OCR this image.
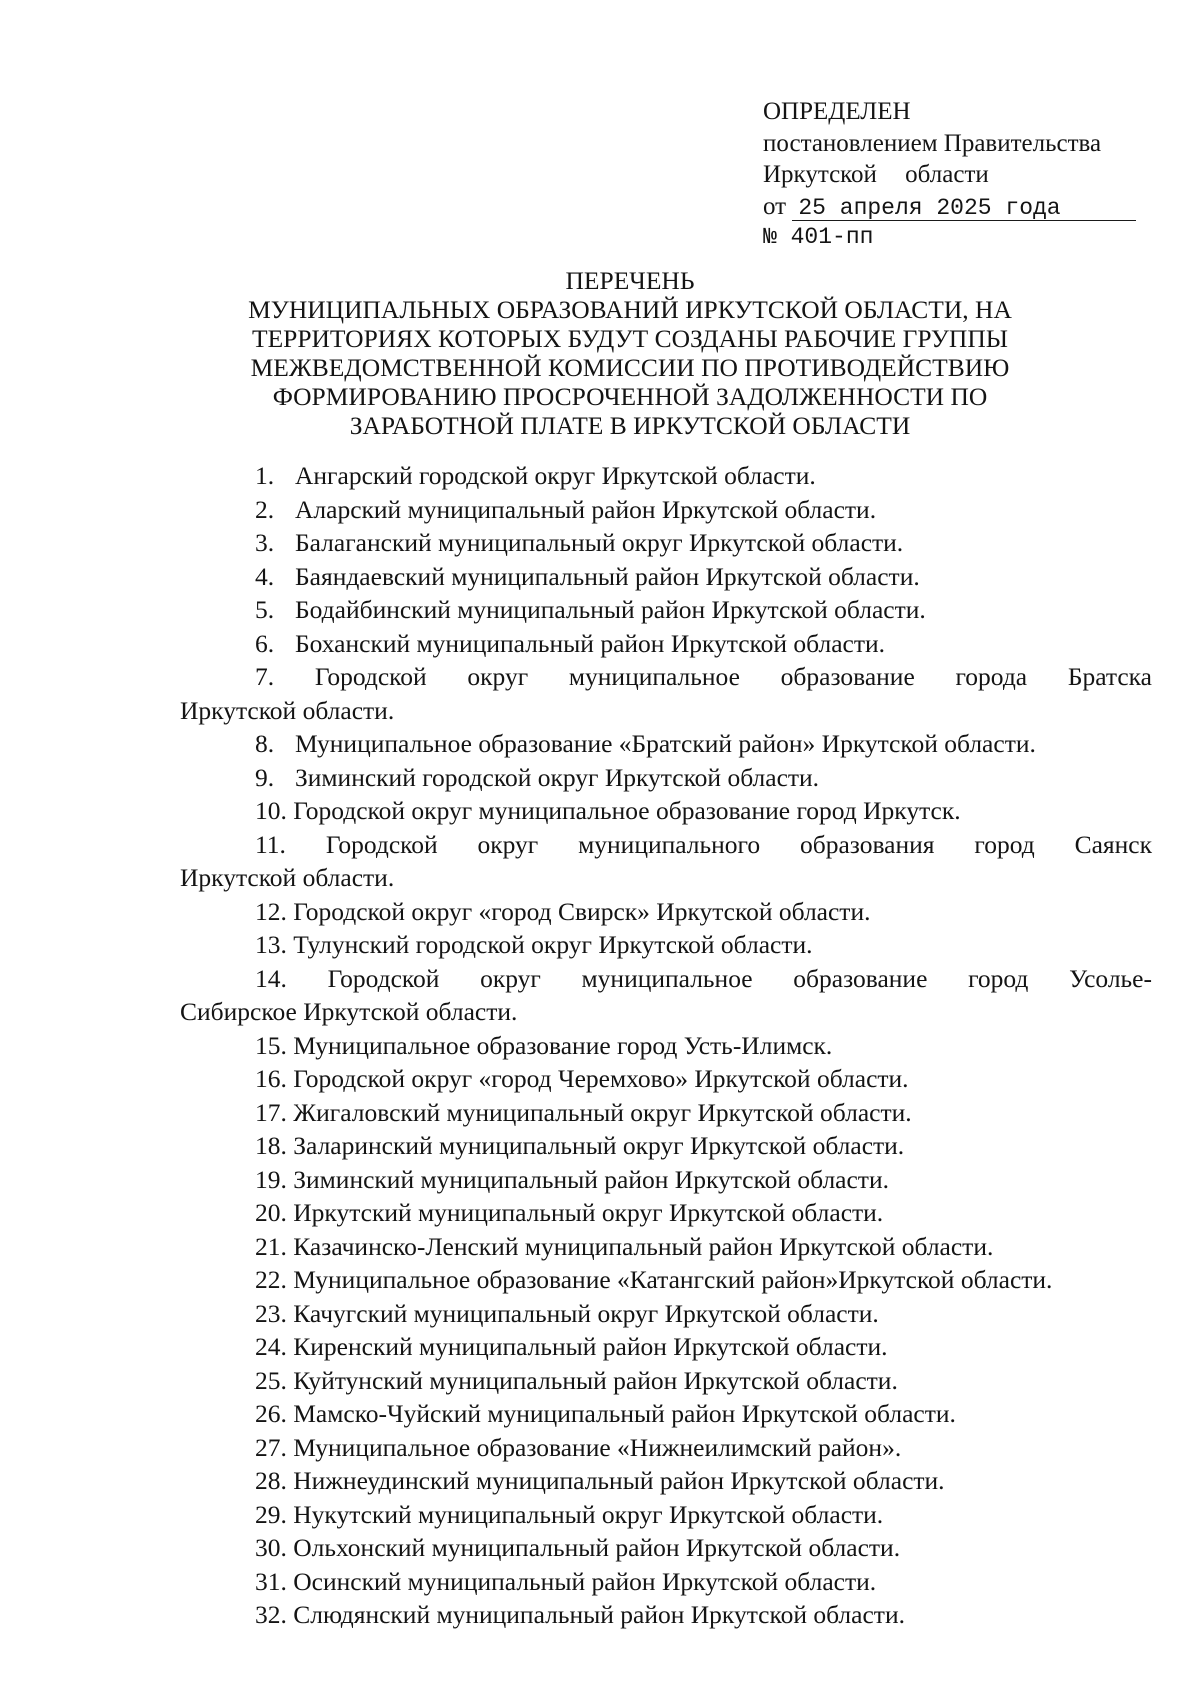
ОПРЕДЕЛЕН
постановлением Правительства
Иркутской области
от 25 апреля 2025 года
№ 401-пп
ПЕРЕЧЕНЬ
МУНИЦИПАЛЬНЫХ ОБРАЗОВАНИЙ ИРКУТСКОЙ ОБЛАСТИ, НА
ТЕРРИТОРИЯХ КОТОРЫХ БУДУТ СОЗДАНЫ РАБОЧИЕ ГРУППЫ
МЕЖВЕДОМСТВЕННОЙ КОМИССИИ ПО ПРОТИВОДЕЙСТВИЮ
ФОРМИРОВАНИЮ ПРОСРОЧЕННОЙ ЗАДОЛЖЕННОСТИ ПО
ЗАРАБОТНОЙ ПЛАТЕ В ИРКУТСКОЙ ОБЛАСТИ
1. Ангарский городской округ Иркутской области.
2. Аларский муниципальный район Иркутской области.
3. Балаганский муниципальный округ Иркутской области.
4. Баяндаевский муниципальный район Иркутской области.
5. Бодайбинский муниципальный район Иркутской области.
6. Боханский муниципальный район Иркутской области.
7. Городской округ муниципальное образование города Братска
Иркутской области.
8. Муниципальное образование «Братский район» Иркутской области.
9. Зиминский городской округ Иркутской области.
10. Городской округ муниципальное образование город Иркутск.
11. Городской округ муниципального образования город Саянск
Иркутской области.
12. Городской округ «город Свирск» Иркутской области.
13. Тулунский городской округ Иркутской области.
14. Городской округ муниципальное образование город Усолье-
Сибирское Иркутской области.
15. Муниципальное образование город Усть-Илимск.
16. Городской округ «город Черемхово» Иркутской области.
17. Жигаловский муниципальный округ Иркутской области.
18. Заларинский муниципальный округ Иркутской области.
19. Зиминский муниципальный район Иркутской области.
20. Иркутский муниципальный округ Иркутской области.
21. Казачинско-Ленский муниципальный район Иркутской области.
22. Муниципальное образование «Катангский район»Иркутской области.
23. Качугский муниципальный округ Иркутской области.
24. Киренский муниципальный район Иркутской области.
25. Куйтунский муниципальный район Иркутской области.
26. Мамско-Чуйский муниципальный район Иркутской области.
27. Муниципальное образование «Нижнеилимский район».
28. Нижнеудинский муниципальный район Иркутской области.
29. Нукутский муниципальный округ Иркутской области.
30. Ольхонский муниципальный район Иркутской области.
31. Осинский муниципальный район Иркутской области.
32. Слюдянский муниципальный район Иркутской области.
